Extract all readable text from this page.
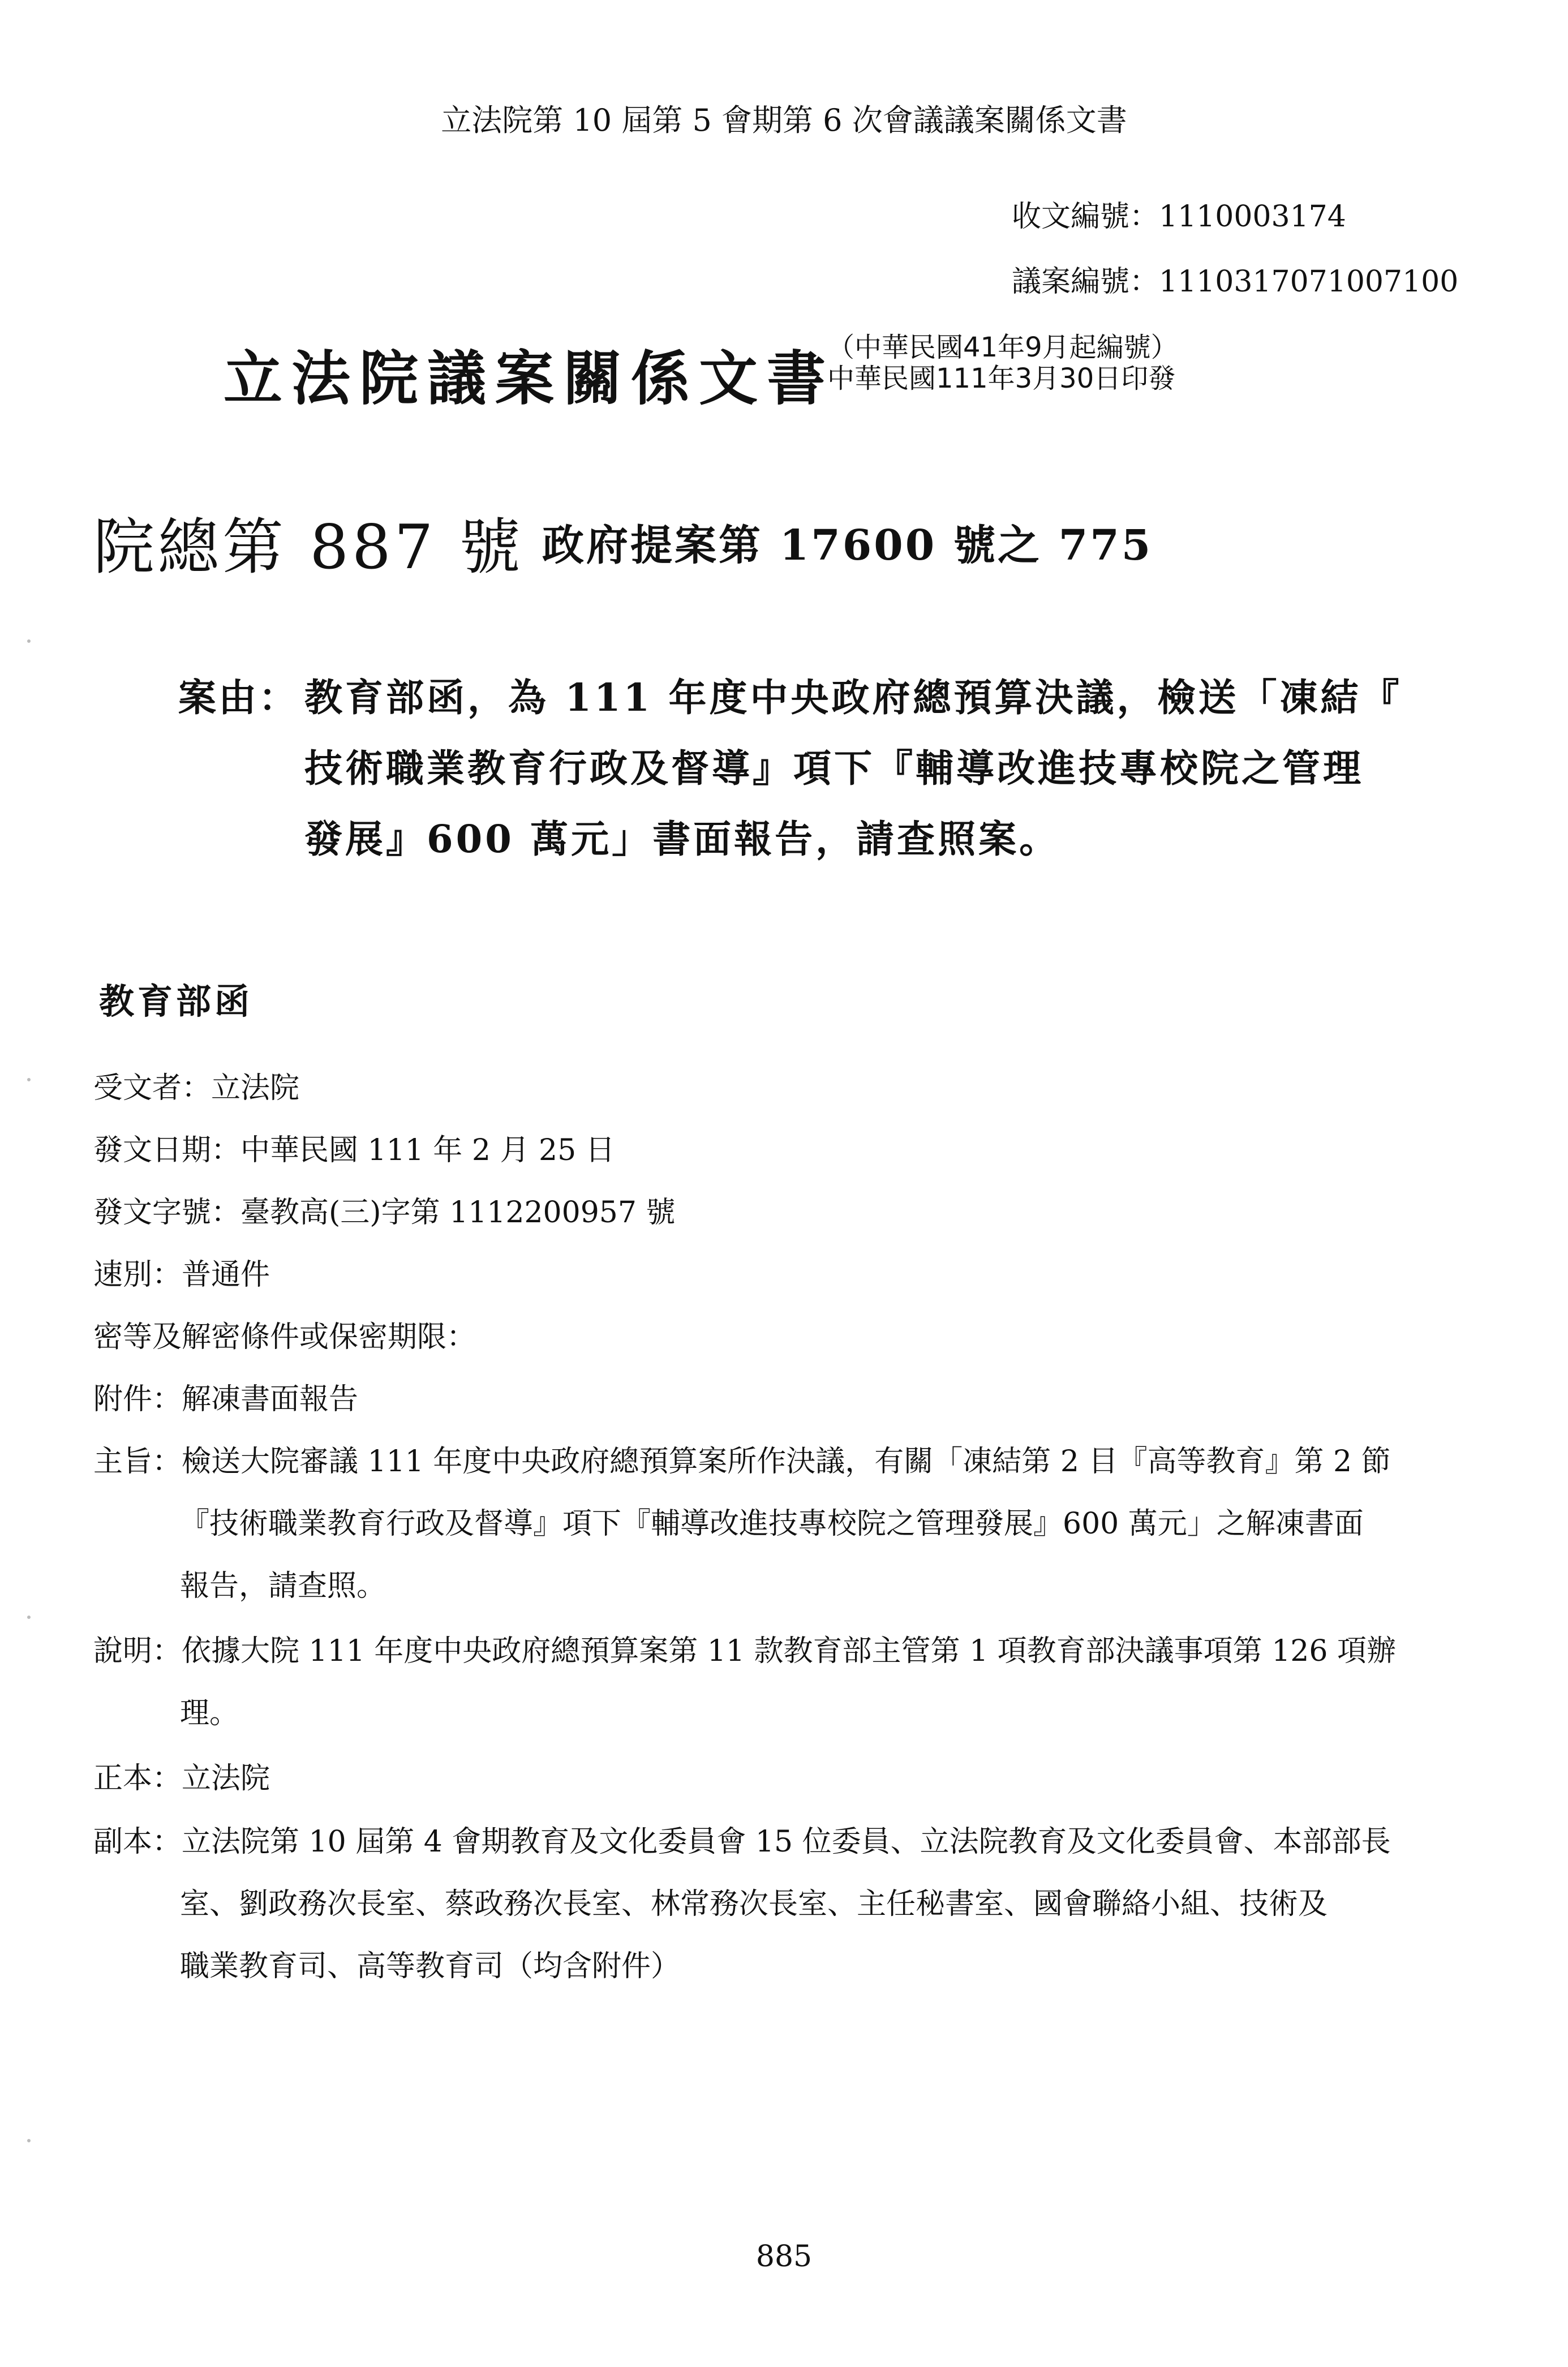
立法院第 10 屆第 5 會期第 6 次會議議案關係文書
收文編號：1110003174
議案編號：1110317071007100
立法院議案關係文書
（中華民國41年9月起編號）
中華民國111年3月30日印發
院總第 887 號 政府提案第 17600 號之 775
案由： 教育部函，為 111 年度中央政府總預算決議，檢送「凍結『
技術職業教育行政及督導』項下『輔導改進技專校院之管理
發展』600 萬元」書面報告，請查照案。
教育部函
受文者：立法院
發文日期：中華民國 111 年 2 月 25 日
發文字號：臺教高(三)字第 1112200957 號
速別：普通件
密等及解密條件或保密期限：
附件：解凍書面報告
主旨：檢送大院審議 111 年度中央政府總預算案所作決議，有關「凍結第 2 目『高等教育』第 2 節
『技術職業教育行政及督導』項下『輔導改進技專校院之管理發展』600 萬元」之解凍書面
報告，請查照。
說明：依據大院 111 年度中央政府總預算案第 11 款教育部主管第 1 項教育部決議事項第 126 項辦
理。
正本：立法院
副本：立法院第 10 屆第 4 會期教育及文化委員會 15 位委員、立法院教育及文化委員會、本部部長
室、劉政務次長室、蔡政務次長室、林常務次長室、主任秘書室、國會聯絡小組、技術及
職業教育司、高等教育司（均含附件）
885
